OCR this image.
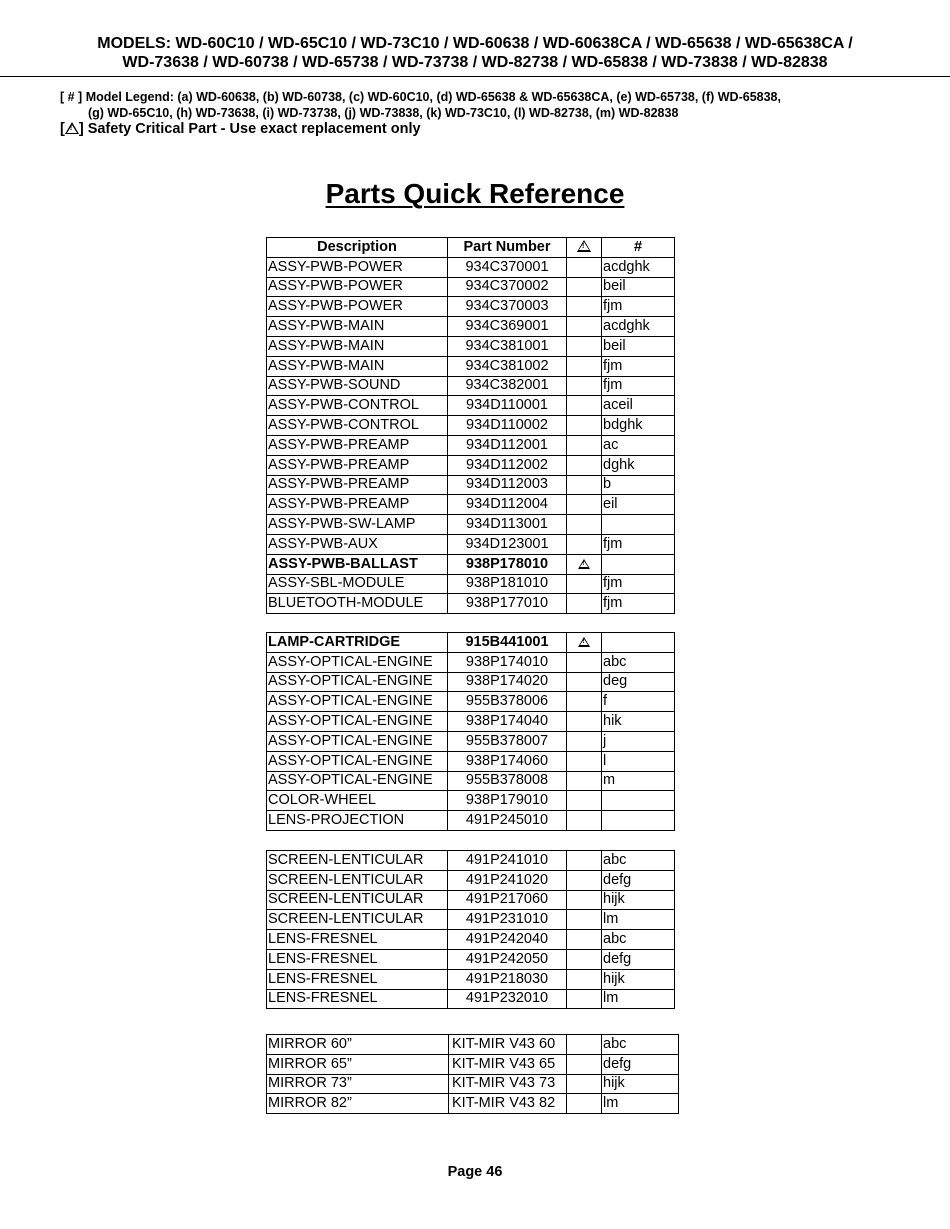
MODELS: WD-60C10 / WD-65C10 / WD-73C10 / WD-60638 / WD-60638CA / WD-65638 / WD-65638CA /
WD-73638 / WD-60738 / WD-65738 / WD-73738 / WD-82738 / WD-65838 / WD-73838 / WD-82838
[ # ] Model Legend: (a) WD-60638, (b) WD-60738, (c) WD-60C10, (d) WD-65638 & WD-65638CA, (e) WD-65738, (f) WD-65838,
(g) WD-65C10, (h) WD-73638, (i) WD-73738, (j) WD-73838, (k) WD-73C10, (l) WD-82738, (m) WD-82838
[ ! ] Safety Critical Part - Use exact replacement only
Parts Quick Reference
Description	Part Number	!	#
ASSY-PWB-POWER	934C370001		acdghk
ASSY-PWB-POWER	934C370002		beil
ASSY-PWB-POWER	934C370003		fjm
ASSY-PWB-MAIN	934C369001		acdghk
ASSY-PWB-MAIN	934C381001		beil
ASSY-PWB-MAIN	934C381002		fjm
ASSY-PWB-SOUND	934C382001		fjm
ASSY-PWB-CONTROL	934D110001		aceil
ASSY-PWB-CONTROL	934D110002		bdghk
ASSY-PWB-PREAMP	934D112001		ac
ASSY-PWB-PREAMP	934D112002		dghk
ASSY-PWB-PREAMP	934D112003		b
ASSY-PWB-PREAMP	934D112004		eil
ASSY-PWB-SW-LAMP	934D113001		
ASSY-PWB-AUX	934D123001		fjm
ASSY-PWB-BALLAST	938P178010	!	
ASSY-SBL-MODULE	938P181010		fjm
BLUETOOTH-MODULE	938P177010		fjm
LAMP-CARTRIDGE	915B441001	!	
ASSY-OPTICAL-ENGINE	938P174010		abc
ASSY-OPTICAL-ENGINE	938P174020		deg
ASSY-OPTICAL-ENGINE	955B378006		f
ASSY-OPTICAL-ENGINE	938P174040		hik
ASSY-OPTICAL-ENGINE	955B378007		j
ASSY-OPTICAL-ENGINE	938P174060		l
ASSY-OPTICAL-ENGINE	955B378008		m
COLOR-WHEEL	938P179010		
LENS-PROJECTION	491P245010		
SCREEN-LENTICULAR	491P241010		abc
SCREEN-LENTICULAR	491P241020		defg
SCREEN-LENTICULAR	491P217060		hijk
SCREEN-LENTICULAR	491P231010		lm
LENS-FRESNEL	491P242040		abc
LENS-FRESNEL	491P242050		defg
LENS-FRESNEL	491P218030		hijk
LENS-FRESNEL	491P232010		lm
MIRROR 60”	KIT-MIR V43 60		abc
MIRROR 65”	KIT-MIR V43 65		defg
MIRROR 73”	KIT-MIR V43 73		hijk
MIRROR 82”	KIT-MIR V43 82		lm
Page 46
